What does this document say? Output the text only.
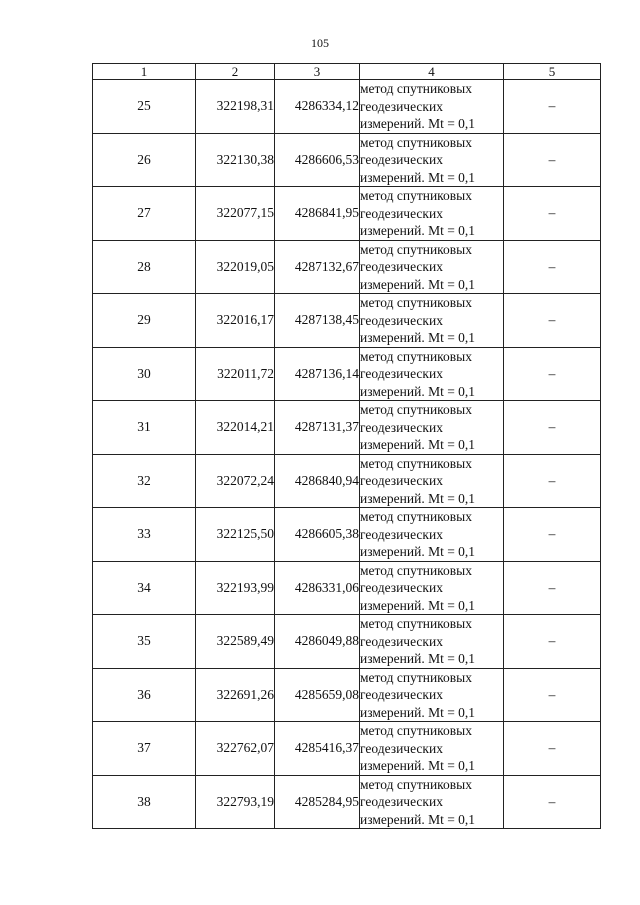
105
1	2	3	4	5
25	322198,31	4286334,12	метод спутниковых
геодезических
измерений. Mt = 0,1	–
26	322130,38	4286606,53	метод спутниковых
геодезических
измерений. Mt = 0,1	–
27	322077,15	4286841,95	метод спутниковых
геодезических
измерений. Mt = 0,1	–
28	322019,05	4287132,67	метод спутниковых
геодезических
измерений. Mt = 0,1	–
29	322016,17	4287138,45	метод спутниковых
геодезических
измерений. Mt = 0,1	–
30	322011,72	4287136,14	метод спутниковых
геодезических
измерений. Mt = 0,1	–
31	322014,21	4287131,37	метод спутниковых
геодезических
измерений. Mt = 0,1	–
32	322072,24	4286840,94	метод спутниковых
геодезических
измерений. Mt = 0,1	–
33	322125,50	4286605,38	метод спутниковых
геодезических
измерений. Mt = 0,1	–
34	322193,99	4286331,06	метод спутниковых
геодезических
измерений. Mt = 0,1	–
35	322589,49	4286049,88	метод спутниковых
геодезических
измерений. Mt = 0,1	–
36	322691,26	4285659,08	метод спутниковых
геодезических
измерений. Mt = 0,1	–
37	322762,07	4285416,37	метод спутниковых
геодезических
измерений. Mt = 0,1	–
38	322793,19	4285284,95	метод спутниковых
геодезических
измерений. Mt = 0,1	–
